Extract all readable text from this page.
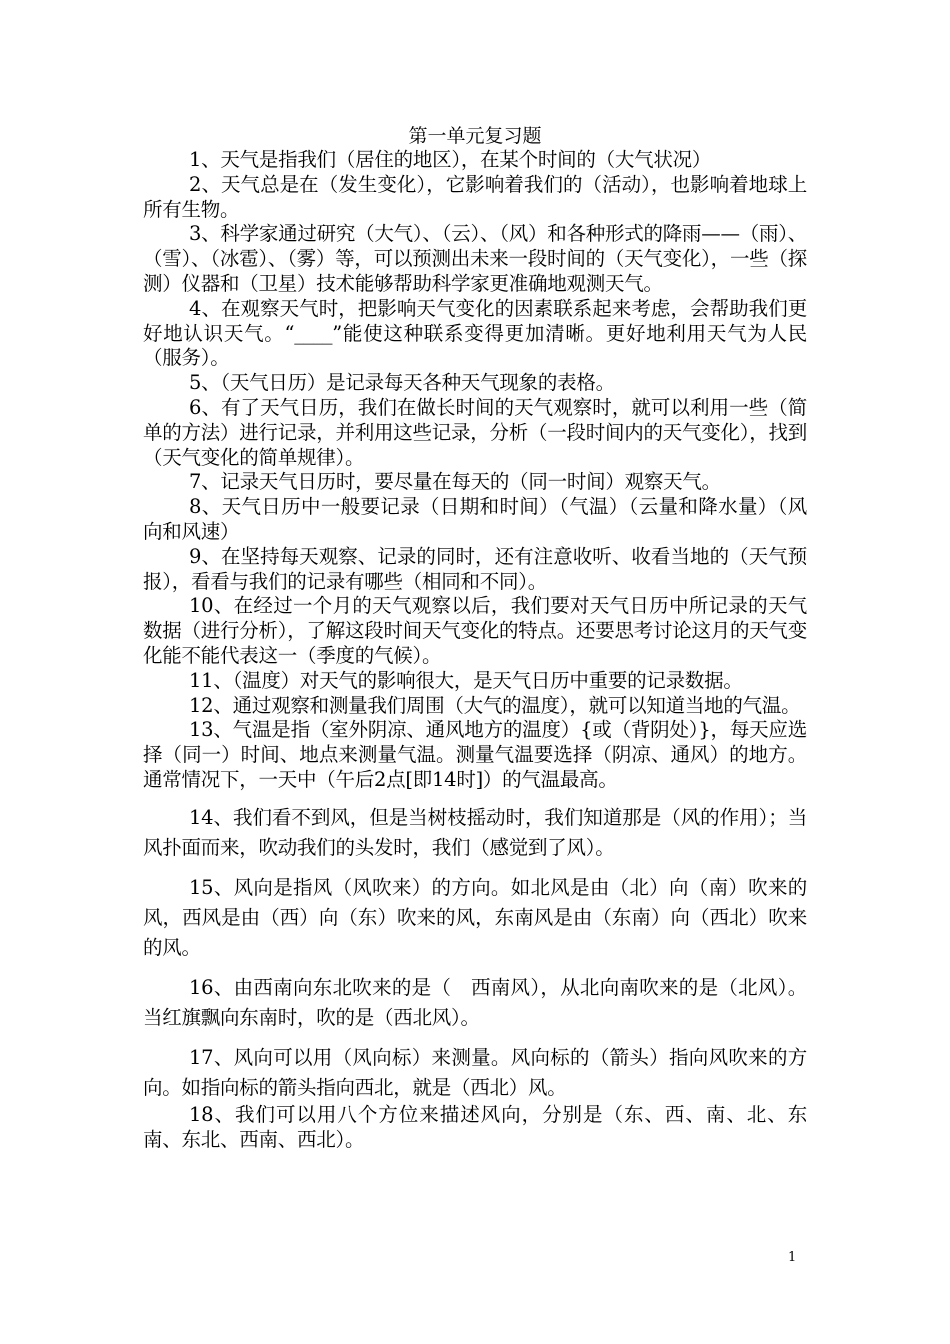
第一单元复习题

1、天气是指我们（居住的地区），在某个时间的（大气状况）

2、天气总是在（发生变化），它影响着我们的（活动），也影响着地球上所有生物。

3、科学家通过研究（大气）、（云）、（风）和各种形式的降雨——（雨）、（雪）、（冰雹）、（雾）等，可以预测出未来一段时间的（天气变化），一些（探测）仪器和（卫星）技术能够帮助科学家更准确地观测天气。

4、在观察天气时，把影响天气变化的因素联系起来考虑，会帮助我们更好地认识天气。“____”能使这种联系变得更加清晰。更好地利用天气为人民（服务）。

5、（天气日历）是记录每天各种天气现象的表格。

6、有了天气日历，我们在做长时间的天气观察时，就可以利用一些（简单的方法）进行记录，并利用这些记录，分析（一段时间内的天气变化），找到（天气变化的简单规律）。

7、记录天气日历时，要尽量在每天的（同一时间）观察天气。

8、天气日历中一般要记录（日期和时间）（气温）（云量和降水量）（风向和风速）

9、在坚持每天观察、记录的同时，还有注意收听、收看当地的（天气预报），看看与我们的记录有哪些（相同和不同）。

10、在经过一个月的天气观察以后，我们要对天气日历中所记录的天气数据（进行分析），了解这段时间天气变化的特点。还要思考讨论这月的天气变化能不能代表这一（季度的气候）。

11、（温度）对天气的影响很大，是天气日历中重要的记录数据。

12、通过观察和测量我们周围（大气的温度），就可以知道当地的气温。

13、气温是指（室外阴凉、通风地方的温度）{或（背阴处）}，每天应选择（同一）时间、地点来测量气温。测量气温要选择（阴凉、通风）的地方。通常情况下，一天中（午后2点[即14时]）的气温最高。

14、我们看不到风，但是当树枝摇动时，我们知道那是（风的作用）；当风扑面而来，吹动我们的头发时，我们（感觉到了风）。

15、风向是指风（风吹来）的方向。如北风是由（北）向（南）吹来的风，西风是由（西）向（东）吹来的风，东南风是由（东南）向（西北）吹来的风。

16、由西南向东北吹来的是（　西南风），从北向南吹来的是（北风）。当红旗飘向东南时，吹的是（西北风）。

17、风向可以用（风向标）来测量。风向标的（箭头）指向风吹来的方向。如指向标的箭头指向西北，就是（西北）风。

18、我们可以用八个方位来描述风向，分别是（东、西、南、北、东南、东北、西南、西北）。

1
